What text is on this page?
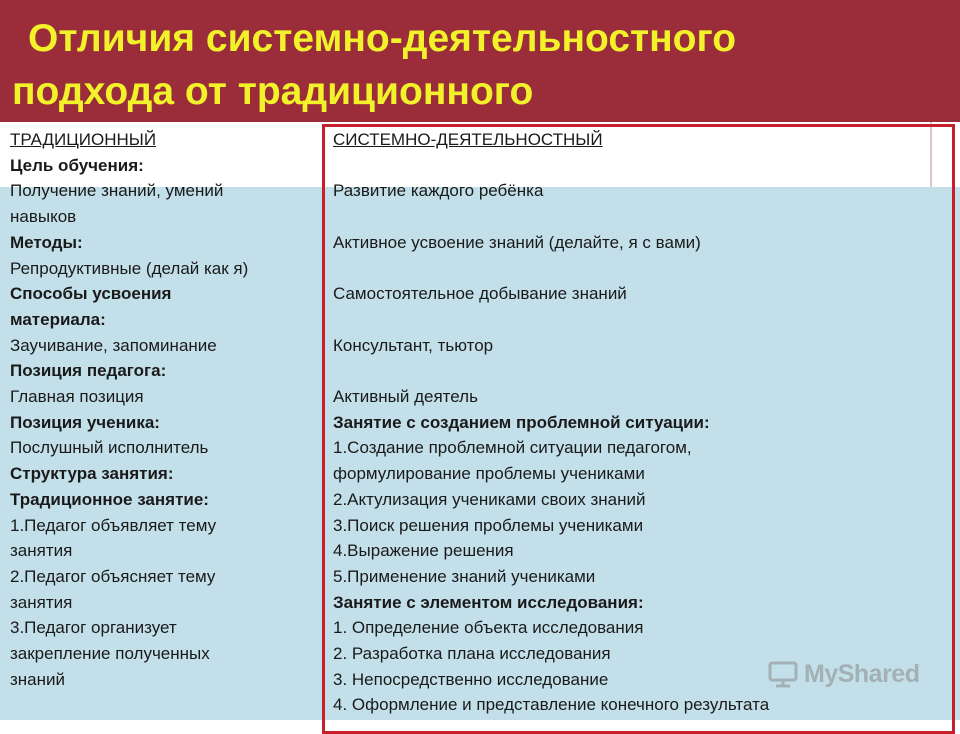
Отличия системно-деятельностного
подхода от традиционного
ТРАДИЦИОННЫЙ
Цель обучения:
Получение знаний, умений
навыков
Методы:
Репродуктивные (делай как я)
Способы усвоения
материала:
Заучивание, запоминание
Позиция педагога:
Главная позиция
Позиция ученика:
Послушный исполнитель
Структура занятия:
Традиционное занятие:
1.Педагог объявляет тему
занятия
2.Педагог объясняет тему
занятия
3.Педагог организует
закрепление полученных
знаний
СИСТЕМНО-ДЕЯТЕЛЬНОСТНЫЙ

Развитие каждого ребёнка

Активное усвоение знаний (делайте, я с вами)

Самостоятельное добывание знаний

Консультант, тьютор

Активный деятель
Занятие с созданием проблемной ситуации:
1.Создание проблемной ситуации педагогом,
формулирование проблемы учениками
2.Актулизация учениками своих знаний
3.Поиск решения проблемы учениками
4.Выражение решения
5.Применение знаний учениками
Занятие с элементом исследования:
1. Определение объекта исследования
2. Разработка плана исследования
3. Непосредственно исследование
4. Оформление и представление конечного результата
MyShared
